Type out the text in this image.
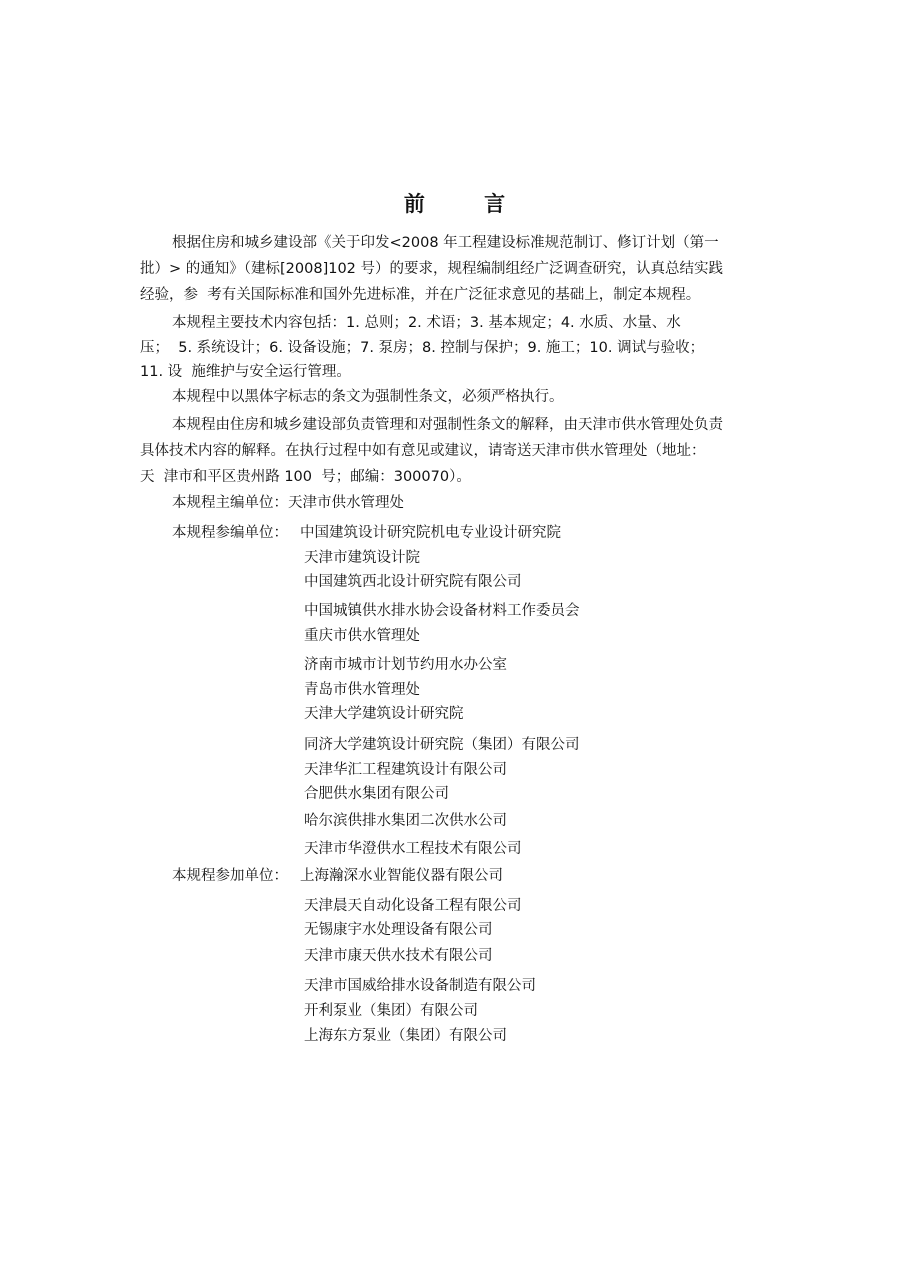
前 言
根据住房和城乡建设部《关于印发<2008 年工程建设标准规范制订、修订计划（第一
批）> 的通知》（建标[2008]102 号）的要求，规程编制组经广泛调查研究，认真总结实践
经验，参  考有关国际标准和国外先进标准，并在广泛征求意见的基础上，制定本规程。
本规程主要技术内容包括：1. 总则；2. 术语；3. 基本规定；4. 水质、水量、水
压；  5. 系统设计；6. 设备设施；7. 泵房；8. 控制与保护；9. 施工；10. 调试与验收；
11. 设  施维护与安全运行管理。
本规程中以黑体字标志的条文为强制性条文，必须严格执行。
本规程由住房和城乡建设部负责管理和对强制性条文的解释，由天津市供水管理处负责
具体技术内容的解释。在执行过程中如有意见或建议，请寄送天津市供水管理处（地址：
天  津市和平区贵州路 100  号；邮编：300070）。
本规程主编单位：天津市供水管理处
本规程参编单位： 中国建筑设计研究院机电专业设计研究院
天津市建筑设计院
中国建筑西北设计研究院有限公司
中国城镇供水排水协会设备材料工作委员会
重庆市供水管理处
济南市城市计划节约用水办公室
青岛市供水管理处
天津大学建筑设计研究院
同济大学建筑设计研究院（集团）有限公司
天津华汇工程建筑设计有限公司
合肥供水集团有限公司
哈尔滨供排水集团二次供水公司
天津市华澄供水工程技术有限公司
本规程参加单位： 上海瀚深水业智能仪器有限公司
天津晨天自动化设备工程有限公司
无锡康宇水处理设备有限公司
天津市康天供水技术有限公司
天津市国威给排水设备制造有限公司
开利泵业（集团）有限公司
上海东方泵业（集团）有限公司
